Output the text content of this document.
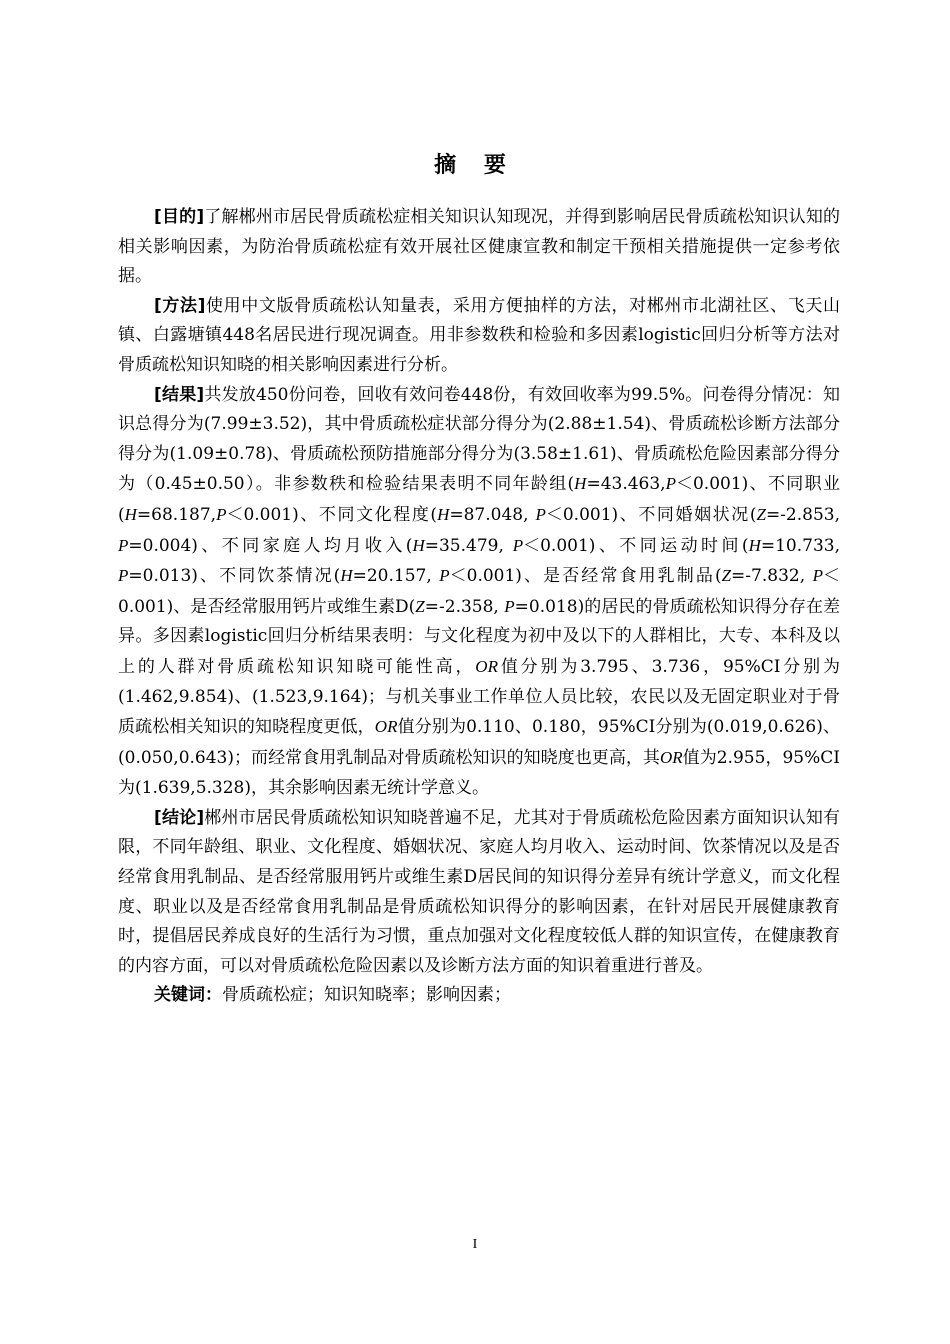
摘 要

[目的]了解郴州市居民骨质疏松症相关知识认知现况，并得到影响居民骨质疏松知识认知的相关影响因素，为防治骨质疏松症有效开展社区健康宣教和制定干预相关措施提供一定参考依据。

[方法]使用中文版骨质疏松认知量表，采用方便抽样的方法，对郴州市北湖社区、飞天山镇、白露塘镇448名居民进行现况调查。用非参数秩和检验和多因素logistic回归分析等方法对骨质疏松知识知晓的相关影响因素进行分析。

[结果]共发放450份问卷，回收有效问卷448份，有效回收率为99.5%。问卷得分情况：知识总得分为(7.99±3.52)，其中骨质疏松症状部分得分为(2.88±1.54)、骨质疏松诊断方法部分得分为(1.09±0.78)、骨质疏松预防措施部分得分为(3.58±1.61)、骨质疏松危险因素部分得分为（0.45±0.50）。非参数秩和检验结果表明不同年龄组(H=43.463,P＜0.001)、不同职业(H=68.187,P＜0.001)、不同文化程度(H=87.048, P＜0.001)、不同婚姻状况(Z=-2.853, P=0.004)、不同家庭人均月收入(H=35.479, P＜0.001)、不同运动时间(H=10.733, P=0.013)、不同饮茶情况(H=20.157, P＜0.001)、是否经常食用乳制品(Z=-7.832, P＜0.001)、是否经常服用钙片或维生素D(Z=-2.358, P=0.018)的居民的骨质疏松知识得分存在差异。多因素logistic回归分析结果表明：与文化程度为初中及以下的人群相比，大专、本科及以上的人群对骨质疏松知识知晓可能性高，OR值分别为3.795、3.736，95%CI分别为(1.462,9.854)、(1.523,9.164)；与机关事业工作单位人员比较，农民以及无固定职业对于骨质疏松相关知识的知晓程度更低，OR值分别为0.110、0.180，95%CI分别为(0.019,0.626)、(0.050,0.643)；而经常食用乳制品对骨质疏松知识的知晓度也更高，其OR值为2.955，95%CI为(1.639,5.328)，其余影响因素无统计学意义。

[结论]郴州市居民骨质疏松知识知晓普遍不足，尤其对于骨质疏松危险因素方面知识认知有限，不同年龄组、职业、文化程度、婚姻状况、家庭人均月收入、运动时间、饮茶情况以及是否经常食用乳制品、是否经常服用钙片或维生素D居民间的知识得分差异有统计学意义，而文化程度、职业以及是否经常食用乳制品是骨质疏松知识得分的影响因素，在针对居民开展健康教育时，提倡居民养成良好的生活行为习惯，重点加强对文化程度较低人群的知识宣传，在健康教育的内容方面，可以对骨质疏松危险因素以及诊断方法方面的知识着重进行普及。

关键词：骨质疏松症；知识知晓率；影响因素；

I
